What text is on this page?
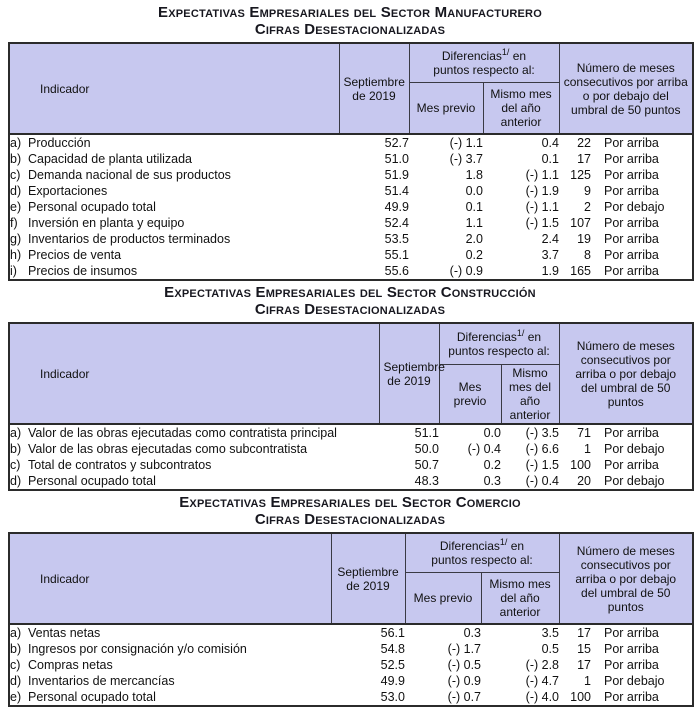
Expectativas Empresariales del Sector Manufacturero
Cifras Desestacionalizadas
Indicador	Septiembre de 2019	Diferencias$^{1/}$ en
puntos respecto al:		Número de meses consecutivos por arriba o por debajo del umbral de 50 puntos
		Mes previo	Mismo mes del año anterior	
a) Producción	52.7	(-) 1.1	0.4	22 Por arriba
b) Capacidad de planta utilizada	51.0	(-) 3.7	0.1	17 Por arriba
c) Demanda nacional de sus productos	51.9	1.8	(-) 1.1	125 Por arriba
d) Exportaciones	51.4	0.0	(-) 1.9	9 Por arriba
e) Personal ocupado total	49.9	0.1	(-) 1.1	2 Por debajo
f) Inversión en planta y equipo	52.4	1.1	(-) 1.5	107 Por arriba
g) Inventarios de productos terminados	53.5	2.0	2.4	19 Por arriba
h) Precios de venta	55.1	0.2	3.7	8 Por arriba
i) Precios de insumos	55.6	(-) 0.9	1.9	165 Por arriba
Expectativas Empresariales del Sector Construcción
Cifras Desestacionalizadas
Indicador	Septiembre de 2019	Diferencias$^{1/}$ en
puntos respecto al:		Número de meses consecutivos por arriba o por debajo del umbral de 50 puntos
		Mes previo	Mismo mes del año anterior	
a) Valor de las obras ejecutadas como contratista principal	51.1	0.0	(-) 3.5	71 Por arriba
b) Valor de las obras ejecutadas como subcontratista	50.0	(-) 0.4	(-) 6.6	1 Por debajo
c) Total de contratos y subcontratos	50.7	0.2	(-) 1.5	100 Por arriba
d) Personal ocupado total	48.3	0.3	(-) 0.4	20 Por debajo
Expectativas Empresariales del Sector Comercio
Cifras Desestacionalizadas
Indicador	Septiembre de 2019	Diferencias$^{1/}$ en
puntos respecto al:		Número de meses consecutivos por arriba o por debajo del umbral de 50 puntos
		Mes previo	Mismo mes del año anterior	
a) Ventas netas	56.1	0.3	3.5	17 Por arriba
b) Ingresos por consignación y/o comisión	54.8	(-) 1.7	0.5	15 Por arriba
c) Compras netas	52.5	(-) 0.5	(-) 2.8	17 Por arriba
d) Inventarios de mercancías	49.9	(-) 0.9	(-) 4.7	1 Por debajo
e) Personal ocupado total	53.0	(-) 0.7	(-) 4.0	100 Por arriba
